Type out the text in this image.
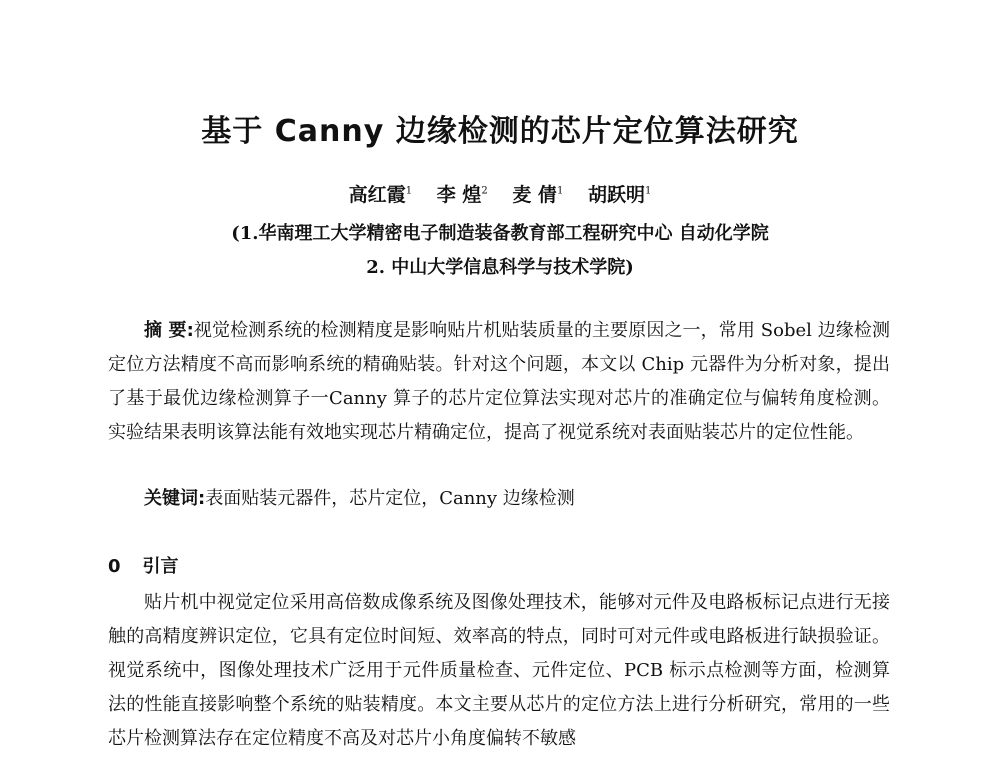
基于 Canny 边缘检测的芯片定位算法研究
高红霞$^1$ 李 煌$^2$ 麦 倩$^1$ 胡跃明$^1$
(1.华南理工大学精密电子制造装备教育部工程研究中心 自动化学院
2. 中山大学信息科学与技术学院)

摘 要:视觉检测系统的检测精度是影响贴片机贴装质量的主要原因之一，常用 Sobel 边缘检测定位方法精度不高而影响系统的精确贴装。针对这个问题，本文以 Chip 元器件为分析对象，提出了基于最优边缘检测算子一Canny 算子的芯片定位算法实现对芯片的准确定位与偏转角度检测。实验结果表明该算法能有效地实现芯片精确定位，提高了视觉系统对表面贴装芯片的定位性能。

关键词:表面贴装元器件，芯片定位，Canny 边缘检测

0 引言

贴片机中视觉定位采用高倍数成像系统及图像处理技术，能够对元件及电路板标记点进行无接触的高精度辨识定位，它具有定位时间短、效率高的特点，同时可对元件或电路板进行缺损验证。视觉系统中，图像处理技术广泛用于元件质量检查、元件定位、PCB 标示点检测等方面，检测算法的性能直接影响整个系统的贴装精度。本文主要从芯片的定位方法上进行分析研究，常用的一些芯片检测算法存在定位精度不高及对芯片小角度偏转不敏感
